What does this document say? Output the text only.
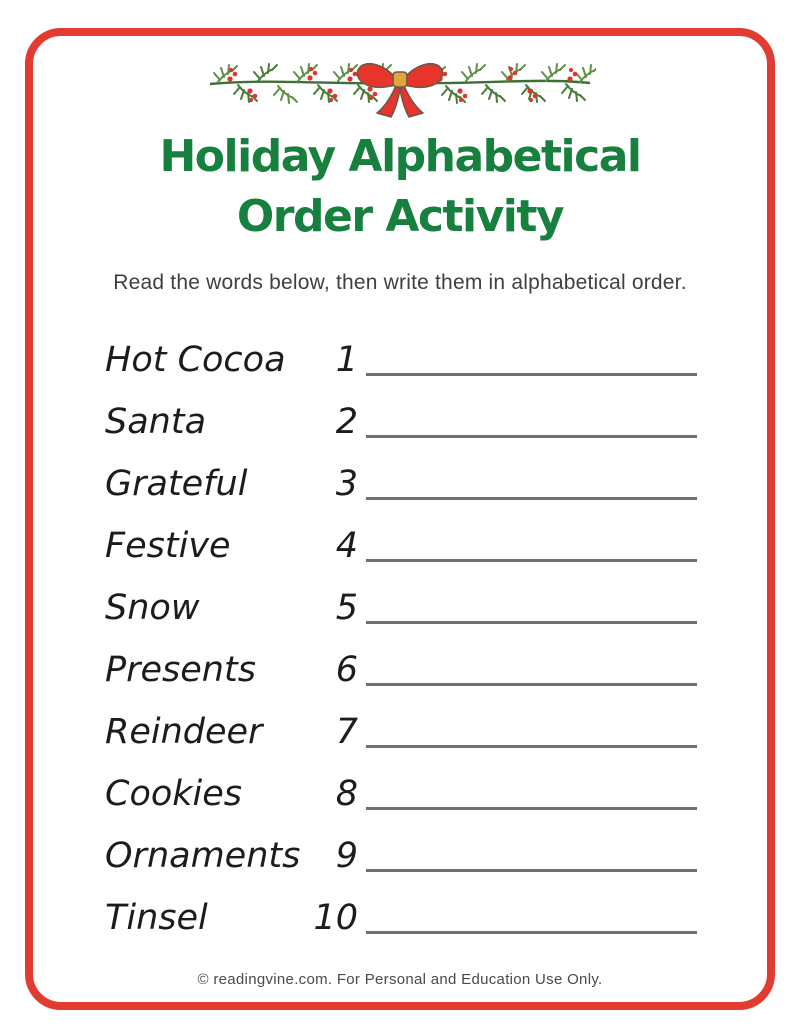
Holiday Alphabetical
Order Activity
Read the words below, then write them in alphabetical order.
Hot Cocoa	1
Santa	2
Grateful	3
Festive	4
Snow	5
Presents	6
Reindeer	7
Cookies	8
Ornaments	9
Tinsel	10
© readingvine.com. For Personal and Education Use Only.
